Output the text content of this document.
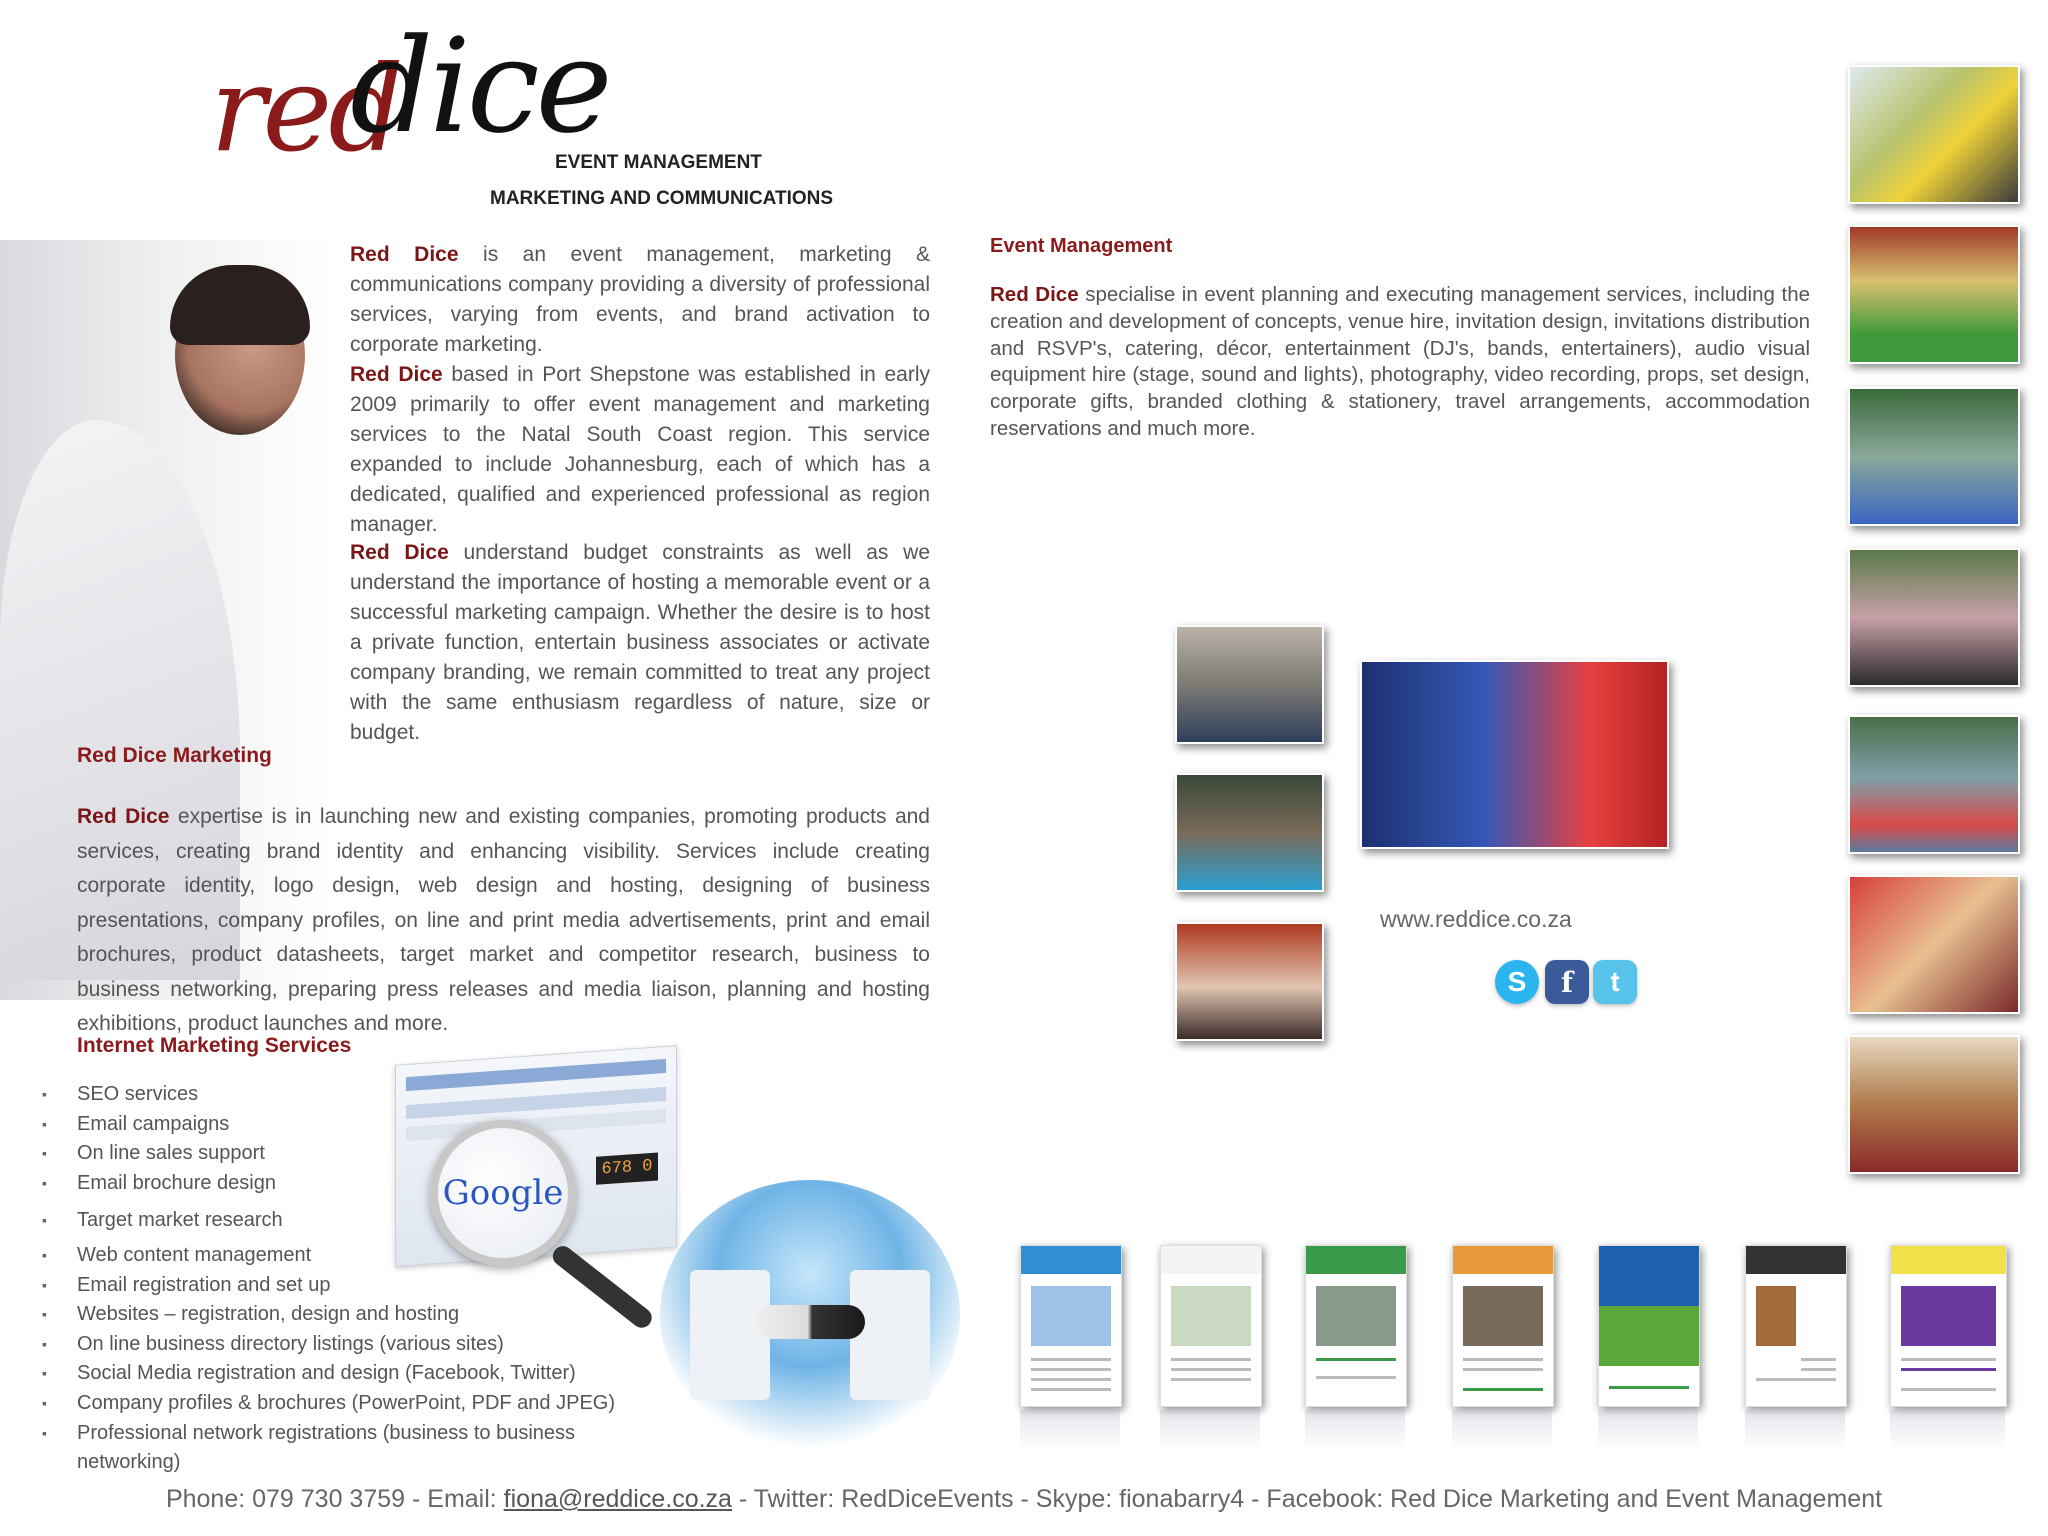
red
dice
EVENT MANAGEMENT
MARKETING AND COMMUNICATIONS
Red Dice is an event management, marketing & communications company providing a diversity of professional services, varying from events, and brand activation to corporate marketing.
Red Dice based in Port Shepstone was established in early 2009 primarily to offer event management and marketing services to the Natal South Coast region. This service expanded to include Johannesburg, each of which has a dedicated, qualified and experienced professional as region manager.
Red Dice understand budget constraints as well as we understand the importance of hosting a memorable event or a successful marketing campaign. Whether the desire is to host a private function, entertain business associates or activate company branding, we remain committed to treat any project with the same enthusiasm regardless of nature, size or budget.
Red Dice Marketing
Red Dice expertise is in launching new and existing companies, promoting products and services, creating brand identity and enhancing visibility. Services include creating corporate identity, logo design, web design and hosting, designing of business presentations, company profiles, on line and print media advertisements, print and email brochures, product datasheets, target market and competitor research, business to business networking, preparing press releases and media liaison, planning and hosting exhibitions, product launches and more.
Internet Marketing Services
▪ SEO services
▪ Email campaigns
▪ On line sales support
▪ Email brochure design
▪ Target market research
▪ Web content management
▪ Email registration and set up
▪ Websites – registration, design and hosting
▪ On line business directory listings (various sites)
▪ Social Media registration and design (Facebook, Twitter)
▪ Company profiles & brochures (PowerPoint, PDF and JPEG)
▪ Professional network registrations (business to business networking)
678 0
Google
Event Management
Red Dice specialise in event planning and executing management services, including the creation and development of concepts, venue hire, invitation design, invitations distribution and RSVP's, catering, décor, entertainment (DJ's, bands, entertainers), audio visual equipment hire (stage, sound and lights), photography, video recording, props, set design, corporate gifts, branded clothing & stationery, travel arrangements, accommodation reservations and much more.
www.reddice.co.za
S	f	t
Phone: 079 730 3759 - Email: fiona@reddice.co.za - Twitter: RedDiceEvents - Skype: fionabarry4 - Facebook: Red Dice Marketing and Event Management
